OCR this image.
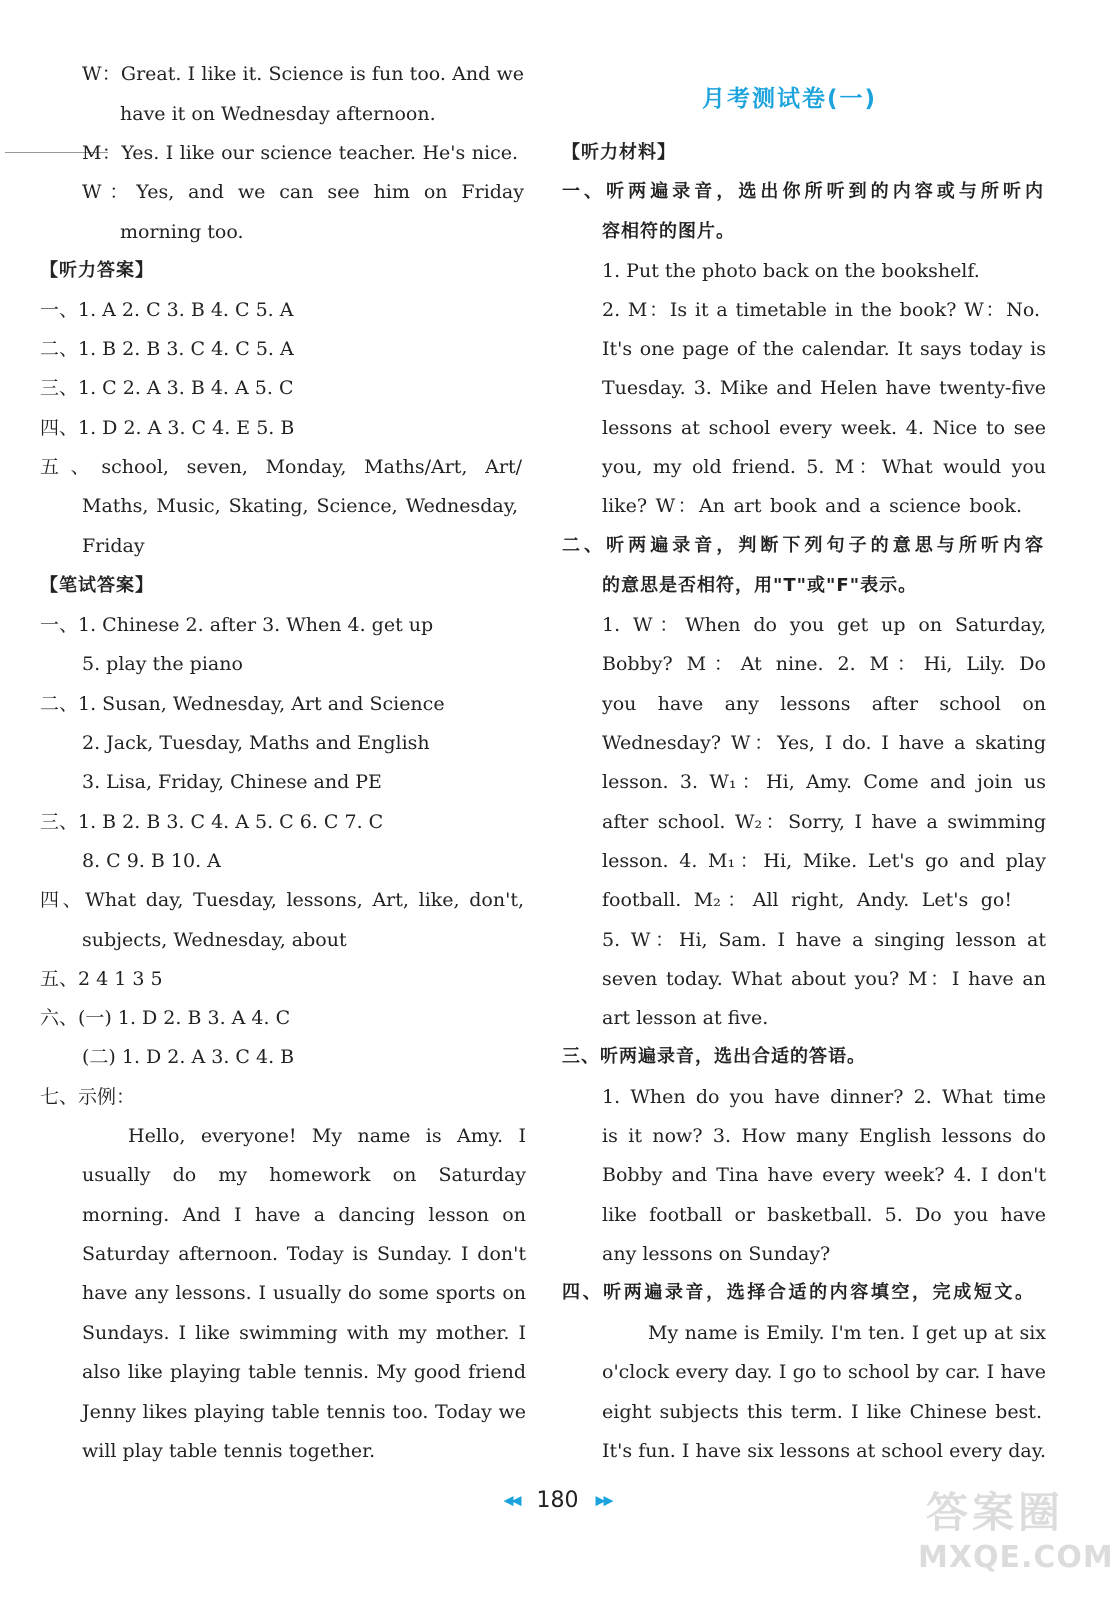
W：Great. I like it. Science is fun too. And we
have it on Wednesday afternoon.
M：Yes. I like our science teacher. He's nice.
W：Yes, and we can see him on Friday
morning too.
【听力答案】
一、1. A 2. C 3. B 4. C 5. A
二、1. B 2. B 3. C 4. C 5. A
三、1. C 2. A 3. B 4. A 5. C
四、1. D 2. A 3. C 4. E 5. B
五、school, seven, Monday, Maths/Art, Art/
Maths, Music, Skating, Science, Wednesday,
Friday
【笔试答案】
一、1. Chinese 2. after 3. When 4. get up
5. play the piano
二、1. Susan, Wednesday, Art and Science
2. Jack, Tuesday, Maths and English
3. Lisa, Friday, Chinese and PE
三、1. B 2. B 3. C 4. A 5. C 6. C 7. C
8. C 9. B 10. A
四、What day, Tuesday, lessons, Art, like, don't,
subjects, Wednesday, about
五、2 4 1 3 5
六、(一) 1. D 2. B 3. A 4. C
(二) 1. D 2. A 3. C 4. B
七、示例：
Hello, everyone! My name is Amy. I
usually do my homework on Saturday
morning. And I have a dancing lesson on
Saturday afternoon. Today is Sunday. I don't
have any lessons. I usually do some sports on
Sundays. I like swimming with my mother. I
also like playing table tennis. My good friend
Jenny likes playing table tennis too. Today we
will play table tennis together.
月考测试卷(一)
【听力材料】
一、听两遍录音，选出你所听到的内容或与所听内
容相符的图片。
1. Put the photo back on the bookshelf.
2. M：Is it a timetable in the book? W：No.
It's one page of the calendar. It says today is
Tuesday. 3. Mike and Helen have twenty-five
lessons at school every week. 4. Nice to see
you, my old friend. 5. M：What would you
like? W：An art book and a science book.
二、听两遍录音，判断下列句子的意思与所听内容
的意思是否相符，用"T"或"F"表示。
1. W：When do you get up on Saturday,
Bobby? M：At nine. 2. M：Hi, Lily. Do
you have any lessons after school on
Wednesday? W：Yes, I do. I have a skating
lesson. 3. W₁：Hi, Amy. Come and join us
after school. W₂：Sorry, I have a swimming
lesson. 4. M₁：Hi, Mike. Let's go and play
football. M₂：All right, Andy. Let's go!
5. W：Hi, Sam. I have a singing lesson at
seven today. What about you? M：I have an
art lesson at five.
三、听两遍录音，选出合适的答语。
1. When do you have dinner? 2. What time
is it now? 3. How many English lessons do
Bobby and Tina have every week? 4. I don't
like football or basketball. 5. Do you have
any lessons on Sunday?
四、听两遍录音，选择合适的内容填空，完成短文。
My name is Emily. I'm ten. I get up at six
o'clock every day. I go to school by car. I have
eight subjects this term. I like Chinese best.
It's fun. I have six lessons at school every day.
◀◀ 180 ▶▶	答案圈
MXQE.COM
